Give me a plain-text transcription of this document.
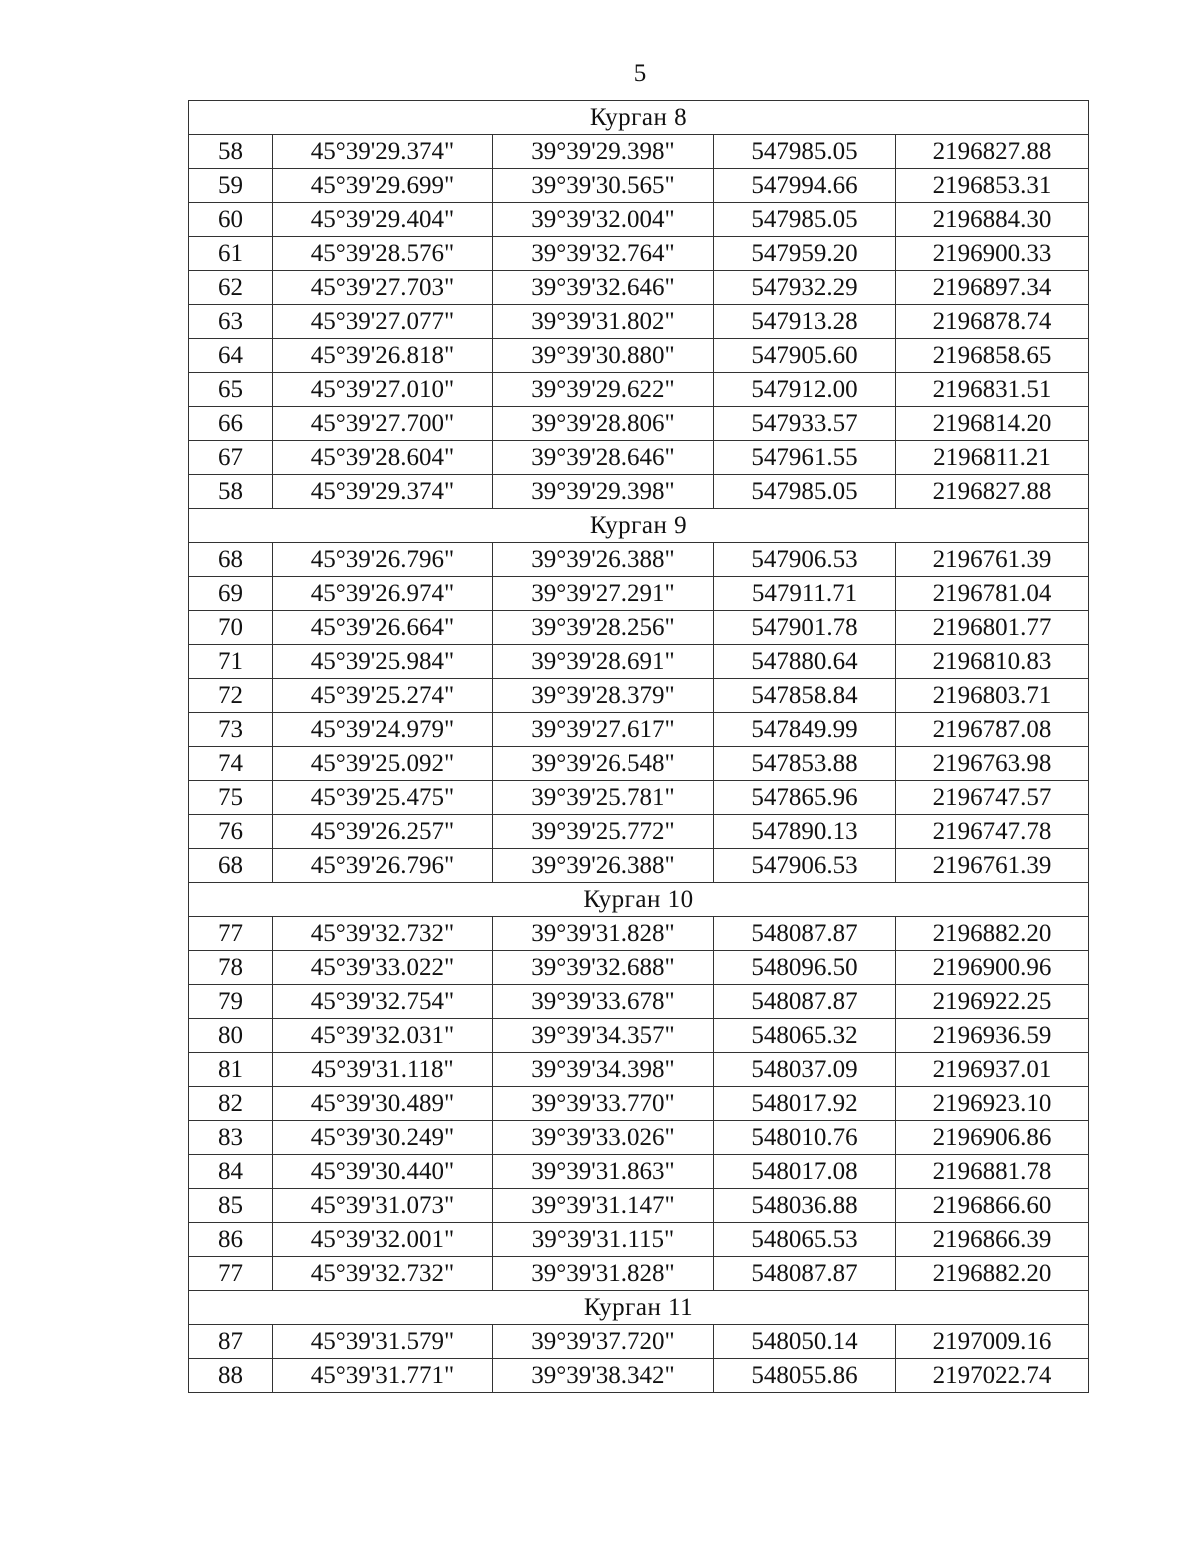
5
Курган 8				
58	45°39'29.374"	39°39'29.398"	547985.05	2196827.88
59	45°39'29.699"	39°39'30.565"	547994.66	2196853.31
60	45°39'29.404"	39°39'32.004"	547985.05	2196884.30
61	45°39'28.576"	39°39'32.764"	547959.20	2196900.33
62	45°39'27.703"	39°39'32.646"	547932.29	2196897.34
63	45°39'27.077"	39°39'31.802"	547913.28	2196878.74
64	45°39'26.818"	39°39'30.880"	547905.60	2196858.65
65	45°39'27.010"	39°39'29.622"	547912.00	2196831.51
66	45°39'27.700"	39°39'28.806"	547933.57	2196814.20
67	45°39'28.604"	39°39'28.646"	547961.55	2196811.21
58	45°39'29.374"	39°39'29.398"	547985.05	2196827.88
Курган 9				
68	45°39'26.796"	39°39'26.388"	547906.53	2196761.39
69	45°39'26.974"	39°39'27.291"	547911.71	2196781.04
70	45°39'26.664"	39°39'28.256"	547901.78	2196801.77
71	45°39'25.984"	39°39'28.691"	547880.64	2196810.83
72	45°39'25.274"	39°39'28.379"	547858.84	2196803.71
73	45°39'24.979"	39°39'27.617"	547849.99	2196787.08
74	45°39'25.092"	39°39'26.548"	547853.88	2196763.98
75	45°39'25.475"	39°39'25.781"	547865.96	2196747.57
76	45°39'26.257"	39°39'25.772"	547890.13	2196747.78
68	45°39'26.796"	39°39'26.388"	547906.53	2196761.39
Курган 10				
77	45°39'32.732"	39°39'31.828"	548087.87	2196882.20
78	45°39'33.022"	39°39'32.688"	548096.50	2196900.96
79	45°39'32.754"	39°39'33.678"	548087.87	2196922.25
80	45°39'32.031"	39°39'34.357"	548065.32	2196936.59
81	45°39'31.118"	39°39'34.398"	548037.09	2196937.01
82	45°39'30.489"	39°39'33.770"	548017.92	2196923.10
83	45°39'30.249"	39°39'33.026"	548010.76	2196906.86
84	45°39'30.440"	39°39'31.863"	548017.08	2196881.78
85	45°39'31.073"	39°39'31.147"	548036.88	2196866.60
86	45°39'32.001"	39°39'31.115"	548065.53	2196866.39
77	45°39'32.732"	39°39'31.828"	548087.87	2196882.20
Курган 11				
87	45°39'31.579"	39°39'37.720"	548050.14	2197009.16
88	45°39'31.771"	39°39'38.342"	548055.86	2197022.74
